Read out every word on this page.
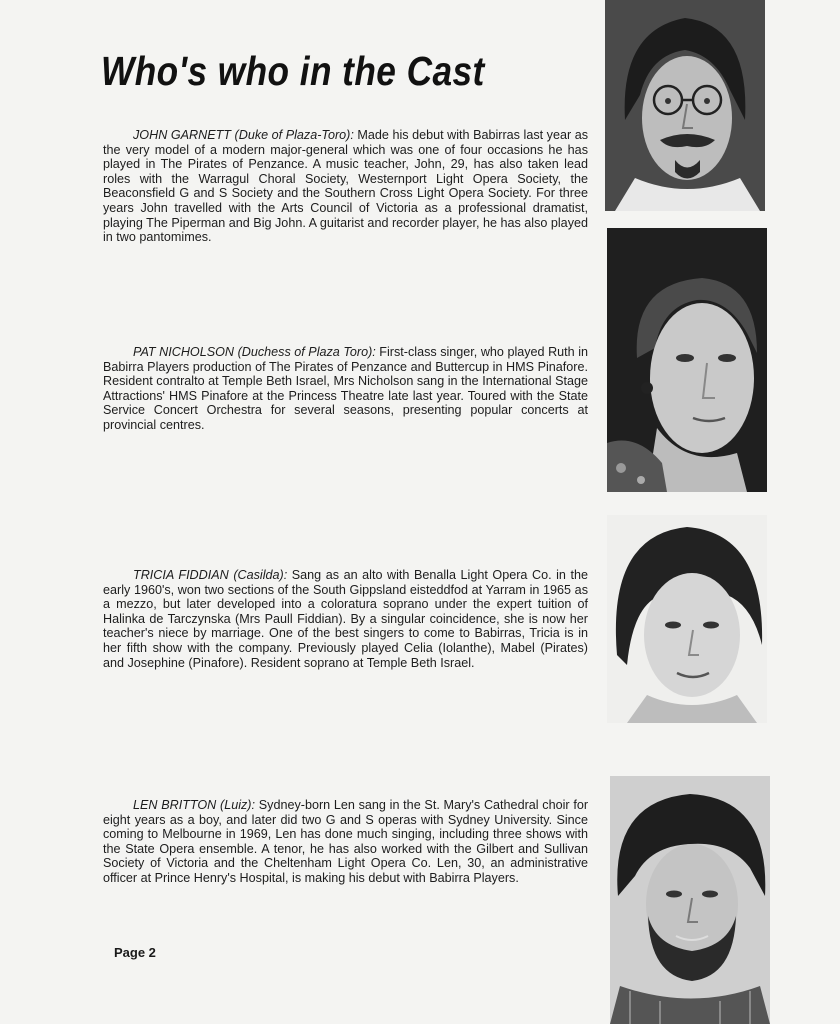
Who's who in the Cast

JOHN GARNETT (Duke of Plaza-Toro): Made his debut with Babirras last year as the very model of a modern major-general which was one of four occasions he has played in The Pirates of Penzance. A music teacher, John, 29, has also taken lead roles with the Warragul Choral Society, Westernport Light Opera Society, the Beaconsfield G and S Society and the Southern Cross Light Opera Society. For three years John travelled with the Arts Council of Victoria as a professional dramatist, playing The Piperman and Big John. A guitarist and recorder player, he has also played in two pantomimes.

PAT NICHOLSON (Duchess of Plaza Toro): First-class singer, who played Ruth in Babirra Players production of The Pirates of Penzance and Buttercup in HMS Pinafore. Resident contralto at Temple Beth Israel, Mrs Nicholson sang in the International Stage Attractions' HMS Pinafore at the Princess Theatre late last year. Toured with the State Service Concert Orchestra for several seasons, presenting popular concerts at provincial centres.

TRICIA FIDDIAN (Casilda): Sang as an alto with Benalla Light Opera Co. in the early 1960's, won two sections of the South Gippsland eisteddfod at Yarram in 1965 as a mezzo, but later developed into a coloratura soprano under the expert tuition of Halinka de Tarczynska (Mrs Paull Fiddian). By a singular coincidence, she is now her teacher's niece by marriage. One of the best singers to come to Babirras, Tricia is in her fifth show with the company. Previously played Celia (Iolanthe), Mabel (Pirates) and Josephine (Pinafore). Resident soprano at Temple Beth Israel.

LEN BRITTON (Luiz): Sydney-born Len sang in the St. Mary's Cathedral choir for eight years as a boy, and later did two G and S operas with Sydney University. Since coming to Melbourne in 1969, Len has done much singing, including three shows with the State Opera ensemble. A tenor, he has also worked with the Gilbert and Sullivan Society of Victoria and the Cheltenham Light Opera Co. Len, 30, an administrative officer at Prince Henry's Hospital, is making his debut with Babirra Players.

Page 2
